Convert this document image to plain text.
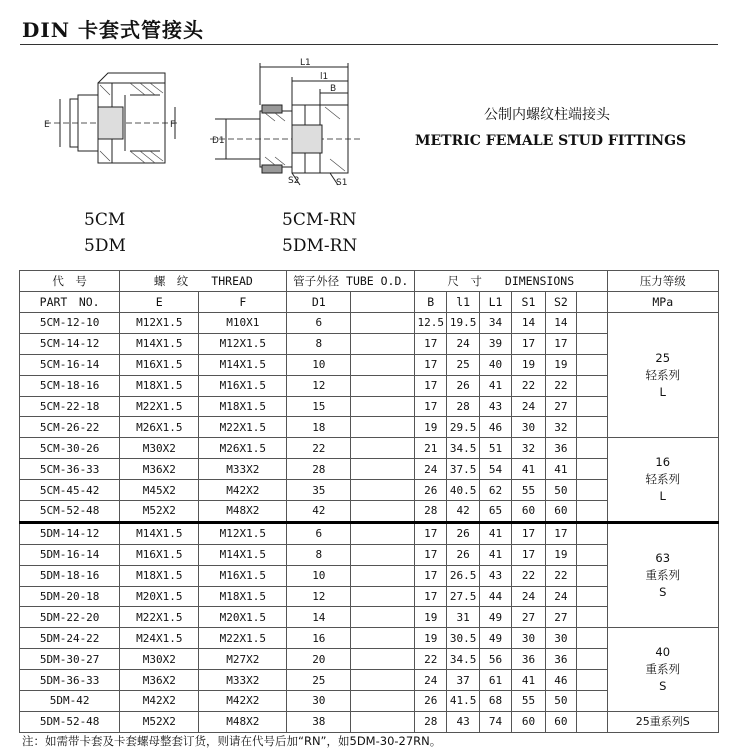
DIN 卡套式管接头
E	F
L1
l1
B
D1
S2	S1
5CM
5DM
5CM-RN
5DM-RN
公制内螺纹柱端接头
METRIC FEMALE STUD FITTINGS
代　号	螺　纹　　THREAD		管子外径 TUBE O.D.		尺　寸　　DIMENSIONS						压力等级
PART　NO.	E	F	D1		B	l1	L1	S1	S2		MPa
5CM-12-10	M12X1.5	M10X1	6		12.5	19.5	34	14	14		25
轻系列
L
5CM-14-12	M14X1.5	M12X1.5	8		17	24	39	17	17		
5CM-16-14	M16X1.5	M14X1.5	10		17	25	40	19	19		
5CM-18-16	M18X1.5	M16X1.5	12		17	26	41	22	22		
5CM-22-18	M22X1.5	M18X1.5	15		17	28	43	24	27		
5CM-26-22	M26X1.5	M22X1.5	18		19	29.5	46	30	32		
5CM-30-26	M30X2	M26X1.5	22		21	34.5	51	32	36		16
轻系列
L
5CM-36-33	M36X2	M33X2	28		24	37.5	54	41	41		
5CM-45-42	M45X2	M42X2	35		26	40.5	62	55	50		
5CM-52-48	M52X2	M48X2	42		28	42	65	60	60		
5DM-14-12	M14X1.5	M12X1.5	6		17	26	41	17	17		63
重系列
S
5DM-16-14	M16X1.5	M14X1.5	8		17	26	41	17	19		
5DM-18-16	M18X1.5	M16X1.5	10		17	26.5	43	22	22		
5DM-20-18	M20X1.5	M18X1.5	12		17	27.5	44	24	24		
5DM-22-20	M22X1.5	M20X1.5	14		19	31	49	27	27		
5DM-24-22	M24X1.5	M22X1.5	16		19	30.5	49	30	30		40
重系列
S
5DM-30-27	M30X2	M27X2	20		22	34.5	56	36	36		
5DM-36-33	M36X2	M33X2	25		24	37	61	41	46		
5DM-42	M42X2	M42X2	30		26	41.5	68	55	50		
5DM-52-48	M52X2	M48X2	38		28	43	74	60	60		25重系列S
注：如需带卡套及卡套螺母整套订货，则请在代号后加“RN”，如5DM-30-27RN。
